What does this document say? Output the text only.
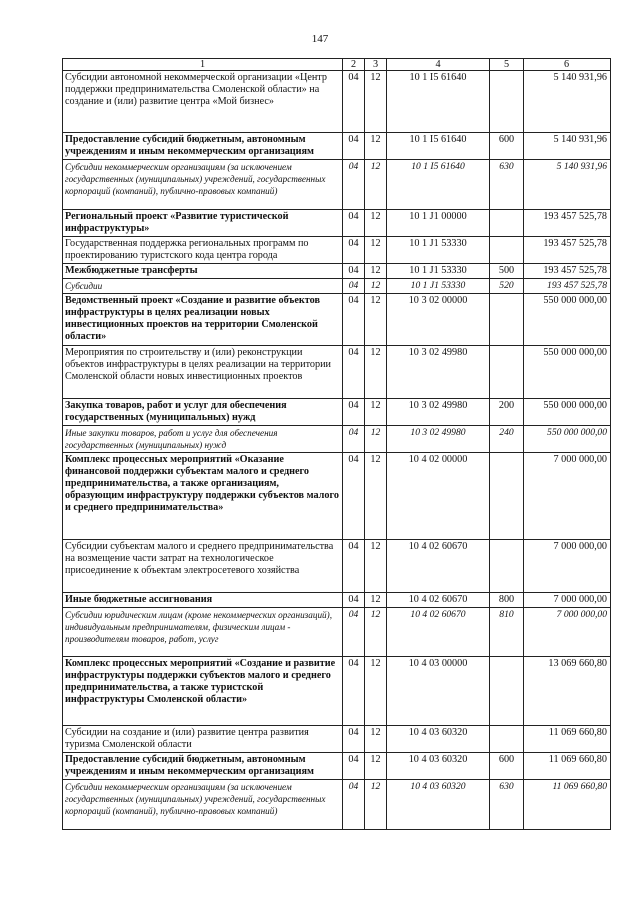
147
1	2	3	4	5	6
Субсидии автономной некоммерческой организации «Центр поддержки предпринимательства Смоленской области» на создание и (или) развитие центра «Мой бизнес»	04	12	10 1 I5 61640		5 140 931,96
Предоставление субсидий бюджетным, автономным учреждениям и иным некоммерческим организациям	04	12	10 1 I5 61640	600	5 140 931,96
Субсидии некоммерческим организациям (за исключением государственных (муниципальных) учреждений, государственных корпораций (компаний), публично-правовых компаний)	04	12	10 1 I5 61640	630	5 140 931,96
Региональный проект «Развитие туристической инфраструктуры»	04	12	10 1 J1 00000		193 457 525,78
Государственная поддержка региональных программ по проектированию туристского кода центра города	04	12	10 1 J1 53330		193 457 525,78
Межбюджетные трансферты	04	12	10 1 J1 53330	500	193 457 525,78
Субсидии	04	12	10 1 J1 53330	520	193 457 525,78
Ведомственный проект «Создание и развитие объектов инфраструктуры в целях реализации новых инвестиционных проектов на территории Смоленской области»	04	12	10 3 02 00000		550 000 000,00
Мероприятия по строительству и (или) реконструкции объектов инфраструктуры в целях реализации на территории Смоленской области новых инвестиционных проектов	04	12	10 3 02 49980		550 000 000,00
Закупка товаров, работ и услуг для обеспечения государственных (муниципальных) нужд	04	12	10 3 02 49980	200	550 000 000,00
Иные закупки товаров, работ и услуг для обеспечения государственных (муниципальных) нужд	04	12	10 3 02 49980	240	550 000 000,00
Комплекс процессных мероприятий «Оказание финансовой поддержки субъектам малого и среднего предпринимательства, а также организациям, образующим инфраструктуру поддержки субъектов малого и среднего предпринимательства»	04	12	10 4 02 00000		7 000 000,00
Субсидии субъектам малого и среднего предпринимательства на возмещение части затрат на технологическое присоединение к объектам электросетевого хозяйства	04	12	10 4 02 60670		7 000 000,00
Иные бюджетные ассигнования	04	12	10 4 02 60670	800	7 000 000,00
Субсидии юридическим лицам (кроме некоммерческих организаций), индивидуальным предпринимателям, физическим лицам - производителям товаров, работ, услуг	04	12	10 4 02 60670	810	7 000 000,00
Комплекс процессных мероприятий «Создание и развитие инфраструктуры поддержки субъектов малого и среднего предпринимательства, а также туристской инфраструктуры Смоленской области»	04	12	10 4 03 00000		13 069 660,80
Субсидии на создание и (или) развитие центра развития туризма Смоленской области	04	12	10 4 03 60320		11 069 660,80
Предоставление субсидий бюджетным, автономным учреждениям и иным некоммерческим организациям	04	12	10 4 03 60320	600	11 069 660,80
Субсидии некоммерческим организациям (за исключением государственных (муниципальных) учреждений, государственных корпораций (компаний), публично-правовых компаний)	04	12	10 4 03 60320	630	11 069 660,80
